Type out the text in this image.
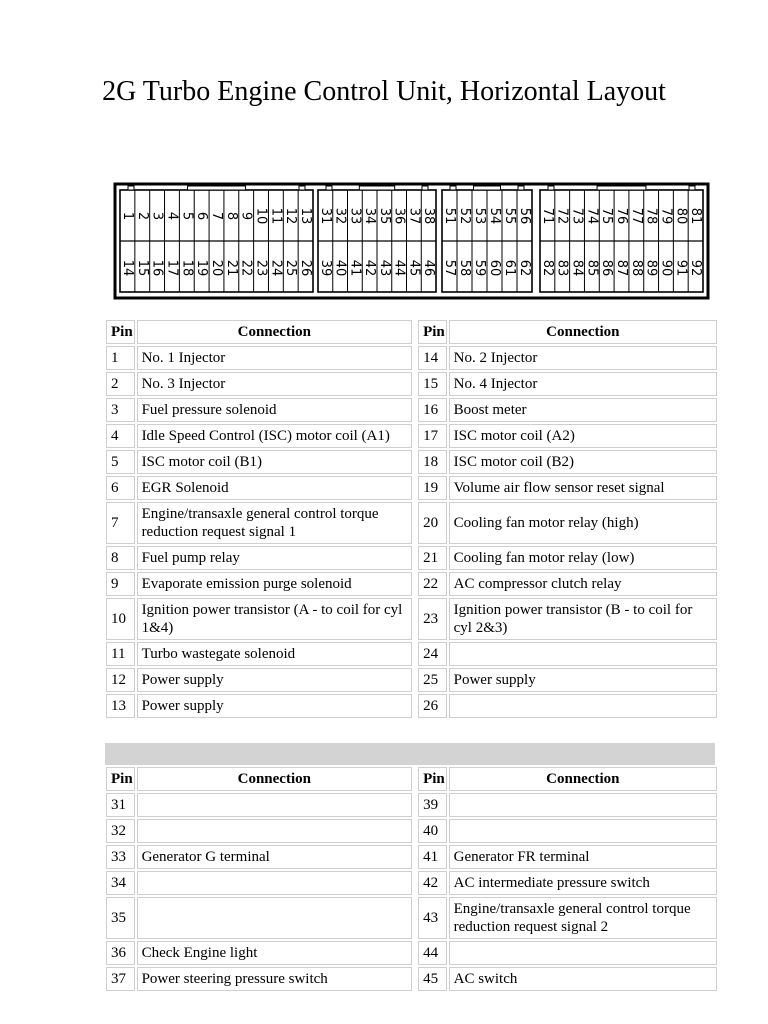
2G Turbo Engine Control Unit, Horizontal Layout
1 2 3 4 5 6 7 8 9 10 11 12 13
14 15 16 17 18 19 20 21 22 23 24 25 26
31 32 33 34 35 36 37 38
39 40 41 42 43 44 45 46
51 52 53 54 55 56
57 58 59 60 61 62
71 72 73 74 75 76 77 78 79 80 81
82 83 84 85 86 87 88 89 90 91 92
Pin	Connection		Pin	Connection
1	No. 1 Injector		14	No. 2 Injector
2	No. 3 Injector		15	No. 4 Injector
3	Fuel pressure solenoid		16	Boost meter
4	Idle Speed Control (ISC) motor coil (A1)		17	ISC motor coil (A2)
5	ISC motor coil (B1)		18	ISC motor coil (B2)
6	EGR Solenoid		19	Volume air flow sensor reset signal
7	Engine/transaxle general control torque reduction request signal 1		20	Cooling fan motor relay (high)
8	Fuel pump relay		21	Cooling fan motor relay (low)
9	Evaporate emission purge solenoid		22	AC compressor clutch relay
10	Ignition power transistor (A - to coil for cyl 1&4)		23	Ignition power transistor (B - to coil for cyl 2&3)
11	Turbo wastegate solenoid		24	
12	Power supply		25	Power supply
13	Power supply		26	
Pin	Connection		Pin	Connection
31			39	
32			40	
33	Generator G terminal		41	Generator FR terminal
34			42	AC intermediate pressure switch
35			43	Engine/transaxle general control torque reduction request signal 2
36	Check Engine light		44	
37	Power steering pressure switch		45	AC switch
